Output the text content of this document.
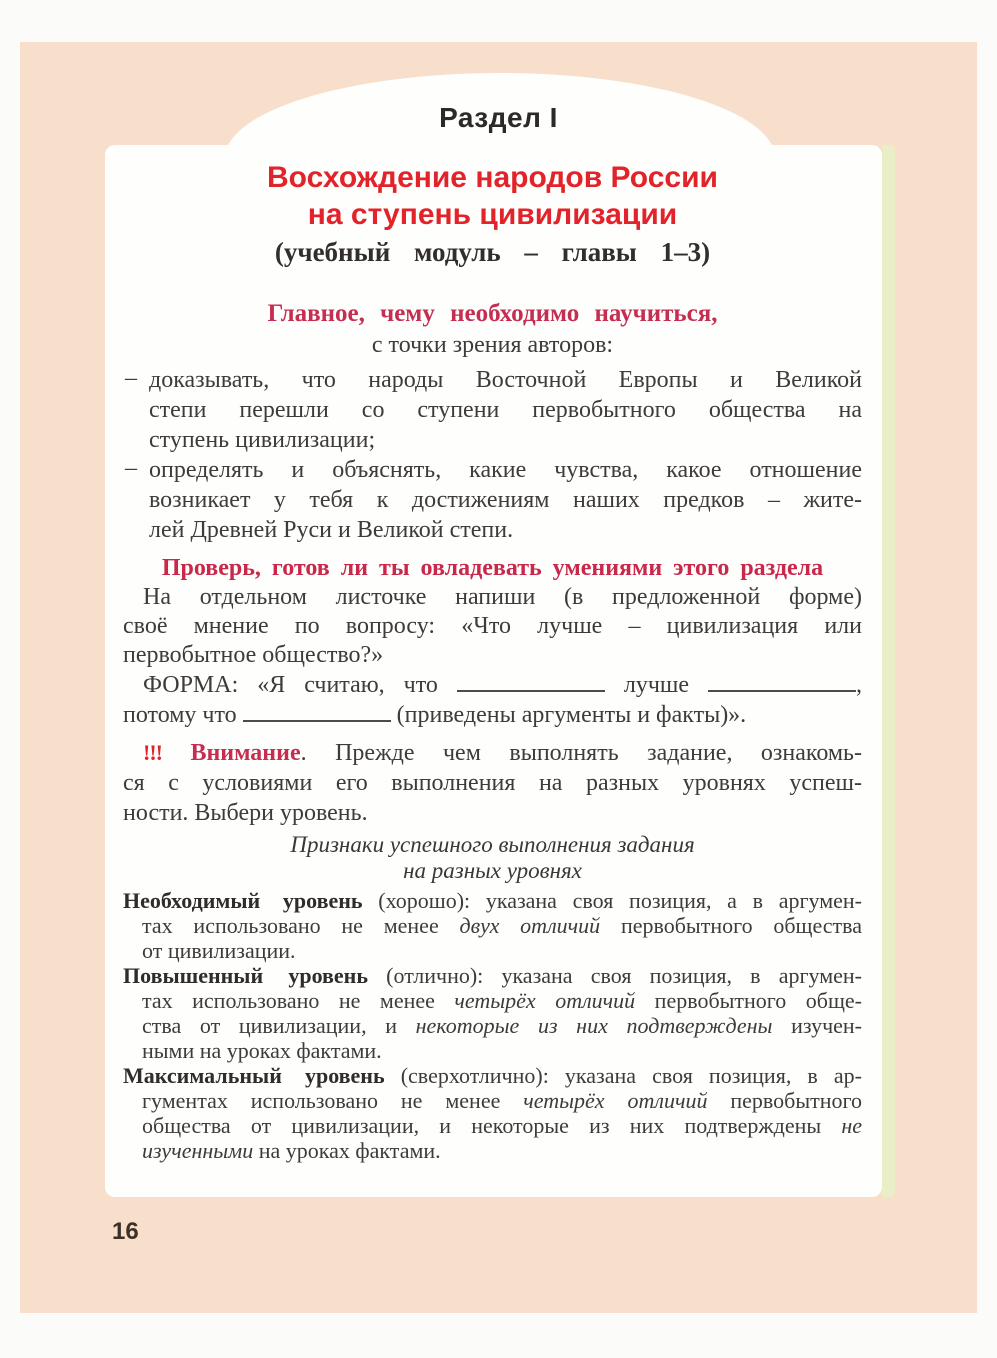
Раздел I
Восхождение народов России
на ступень цивилизации
(учебный модуль – главы 1–3)
Главное, чему необходимо научиться,
с точки зрения авторов:
– доказывать, что народы Восточной Европы и Великой
степи перешли со ступени первобытного общества на
ступень цивилизации;
– определять и объяснять, какие чувства, какое отношение
возникает у тебя к достижениям наших предков – жите-
лей Древней Руси и Великой степи.
Проверь, готов ли ты овладевать умениями этого раздела
На отдельном листочке напиши (в предложенной форме)
своё мнение по вопросу: «Что лучше – цивилизация или
первобытное общество?»
ФОРМА: «Я считаю, что	лучше	,
потому что	(приведены аргументы и факты)».
!!! Внимание. Прежде чем выполнять задание, ознакомь-
ся с условиями его выполнения на разных уровнях успеш-
ности. Выбери уровень.
Признаки успешного выполнения задания
на разных уровнях
Необходимый уровень (хорошо): указана своя позиция, а в аргумен-
тах использовано не менее двух отличий первобытного общества
от цивилизации.
Повышенный уровень (отлично): указана своя позиция, в аргумен-
тах использовано не менее четырёх отличий первобытного обще-
ства от цивилизации, и некоторые из них подтверждены изучен-
ными на уроках фактами.
Максимальный уровень (сверхотлично): указана своя позиция, в ар-
гументах использовано не менее четырёх отличий первобытного
общества от цивилизации, и некоторые из них подтверждены не
изученными на уроках фактами.
16
